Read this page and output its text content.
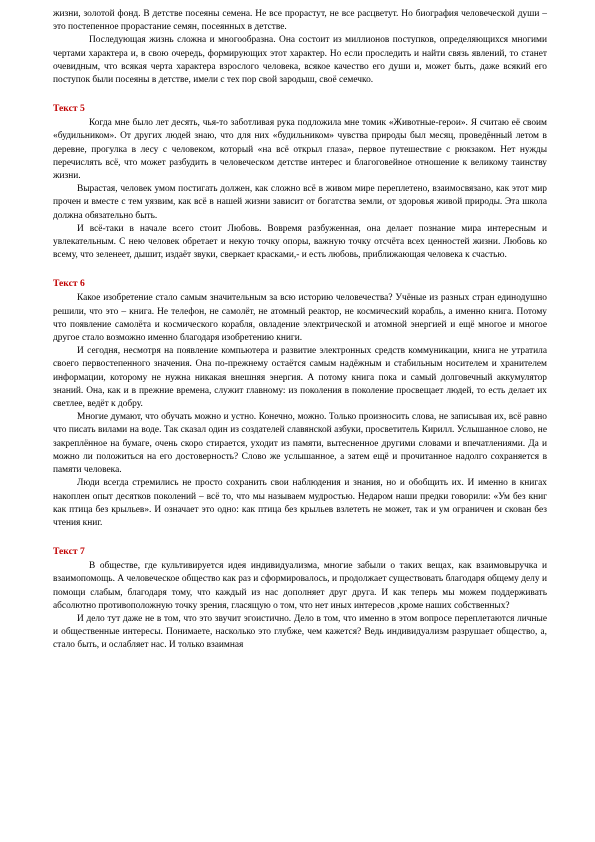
жизни, золотой фонд. В детстве посеяны семена. Не все прорастут, не все расцветут. Но биография человеческой души – это постепенное прорастание семян, посеянных в детстве.

Последующая жизнь сложна и многообразна. Она состоит из миллионов поступков, определяющихся многими чертами характера и, в свою очередь, формирующих этот характер. Но если проследить и найти связь явлений, то станет очевидным, что всякая черта характера взрослого человека, всякое качество его души и, может быть, даже всякий его поступок были посеяны в детстве, имели с тех пор свой зародыш, своё семечко.

Текст 5

Когда мне было лет десять, чья-то заботливая рука подложила мне томик «Животные-герои». Я считаю её своим «будильником». От других людей знаю, что для них «будильником» чувства природы был месяц, проведённый летом в деревне, прогулка в лесу с человеком, который «на всё открыл глаза», первое путешествие с рюкзаком. Нет нужды перечислять всё, что может разбудить в человеческом детстве интерес и благоговейное отношение к великому таинству жизни.

Вырастая, человек умом постигать должен, как сложно всё в живом мире переплетено, взаимосвязано, как этот мир прочен и вместе с тем уязвим, как всё в нашей жизни зависит от богатства земли, от здоровья живой природы. Эта школа должна обязательно быть.

И всё-таки в начале всего стоит Любовь. Вовремя разбуженная, она делает познание мира интересным и увлекательным. С нею человек обретает и некую точку опоры, важную точку отсчёта всех ценностей жизни. Любовь ко всему, что зеленеет, дышит, издаёт звуки, сверкает красками,- и есть любовь, приближающая человека к счастью.

Текст 6

Какое изобретение стало самым значительным за всю историю человечества? Учёные из разных стран единодушно решили, что это – книга. Не телефон, не самолёт, не атомный реактор, не космический корабль, а именно книга. Потому что появление самолёта и космического корабля, овладение электрической и атомной энергией и ещё многое и многое другое стало возможно именно благодаря изобретению книги.

И сегодня, несмотря на появление компьютера и развитие электронных средств коммуникации, книга не утратила своего первостепенного значения. Она по-прежнему остаётся самым надёжным и стабильным носителем и хранителем информации, которому не нужна никакая внешняя энергия. А потому книга пока и самый долговечный аккумулятор знаний. Она, как и в прежние времена, служит главному: из поколения в поколение просвещает людей, то есть делает их светлее, ведёт к добру.

Многие думают, что обучать можно и устно. Конечно, можно. Только произносить слова, не записывая их, всё равно что писать вилами на воде. Так сказал один из создателей славянской азбуки, просветитель Кирилл. Услышанное слово, не закреплённое на бумаге, очень скоро стирается, уходит из памяти, вытесненное другими словами и впечатлениями. Да и можно ли положиться на его достоверность? Слово же услышанное, а затем ещё и прочитанное надолго сохраняется в памяти человека.

Люди всегда стремились не просто сохранить свои наблюдения и знания, но и обобщить их. И именно в книгах накоплен опыт десятков поколений – всё то, что мы называем мудростью. Недаром наши предки говорили: «Ум без книг как птица без крыльев». И означает это одно: как птица без крыльев взлететь не может, так и ум ограничен и скован без чтения книг.

Текст 7

В обществе, где культивируется идея индивидуализма, многие забыли о таких вещах, как взаимовыручка и взаимопомощь. А человеческое общество как раз и сформировалось, и продолжает существовать благодаря общему делу и помощи слабым, благодаря тому, что каждый из нас дополняет друг друга. И как теперь мы можем поддерживать абсолютно противоположную точку зрения, гласящую о том, что нет иных интересов ,кроме наших собственных?

И дело тут даже не в том, что это звучит эгоистично. Дело в том, что именно в этом вопросе переплетаются личные и общественные интересы. Понимаете, насколько это глубже, чем кажется? Ведь индивидуализм разрушает общество, а, стало быть, и ослабляет нас. И только взаимная
